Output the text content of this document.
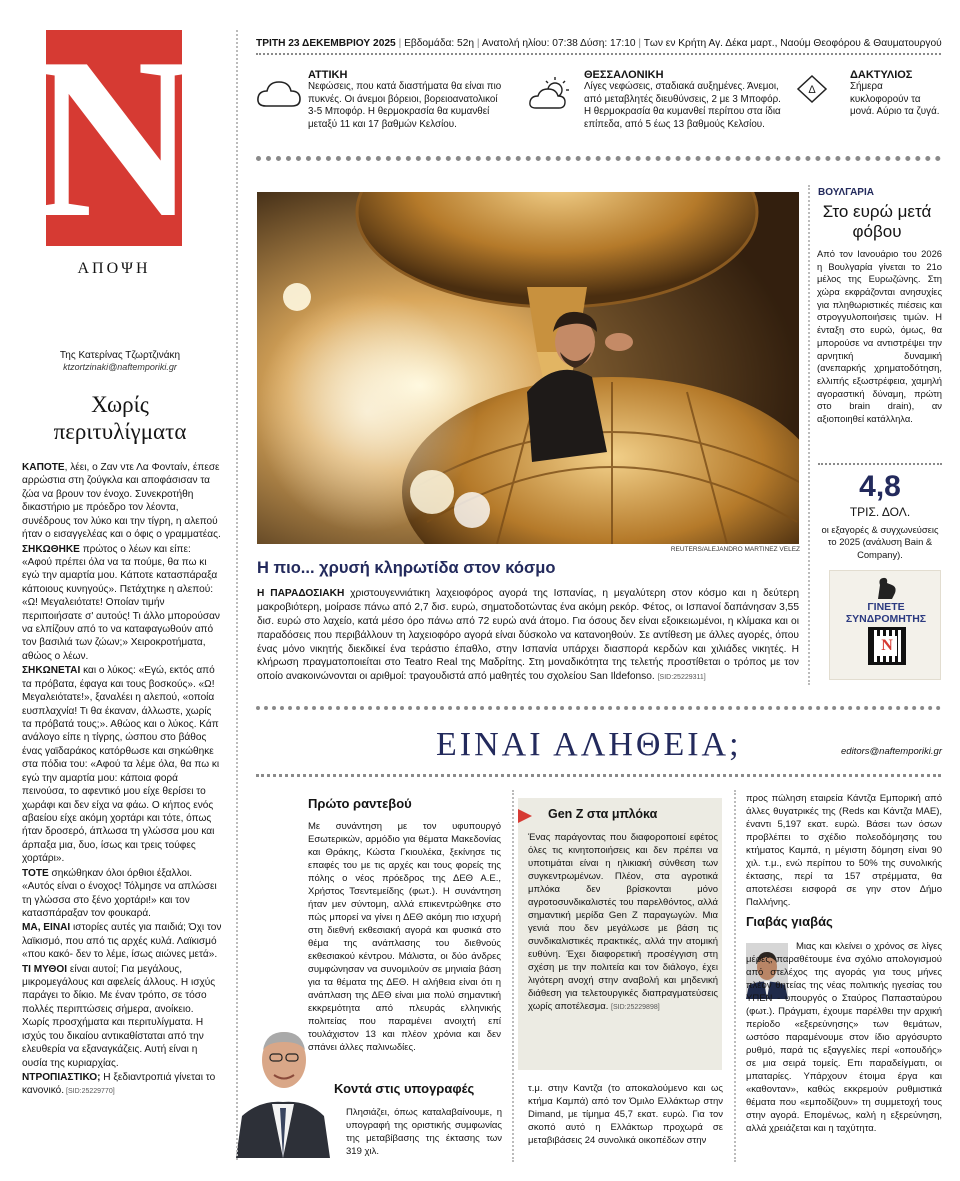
N
ΑΠΟΨΗ
Της Κατερίνας Τζωρτζινάκη
ktzortzinaki@naftemporiki.gr
Χωρίς περιτυλίγματα

ΚΑΠΟΤΕ, λέει, ο Ζαν ντε Λα Φονταίν, έπεσε αρρώστια στη ζούγκλα και αποφάσισαν τα ζώα να βρουν τον ένοχο. Συνεκροτήθη δικαστήριο με πρόεδρο τον λέοντα, συνέδρους τον λύκο και την τίγρη, η αλεπού ήταν ο εισαγγελέας και ο όφις ο γραμματέας.

ΣΗΚΩΘΗΚΕ πρώτος ο λέων και είπε: «Αφού πρέπει όλα να τα πούμε, θα πω κι εγώ την αμαρτία μου. Κάποτε κατασπάραξα κάποιους κυνηγούς». Πετάχτηκε η αλεπού: «Ω! Μεγαλειότατε! Οποίαν τιμήν περιποιήσατε σ' αυτούς! Τι άλλο μπορούσαν να ελπίζουν από το να καταφαγωθούν από τον βασιλιά των ζώων;» Χειροκροτήματα, αθώος ο λέων.

ΣΗΚΩΝΕΤΑΙ και ο λύκος: «Εγώ, εκτός από τα πρόβατα, έφαγα και τους βοσκούς». «Ω! Μεγαλειότατε!», ξαναλέει η αλεπού, «οποία ευσπλαχνία! Τι θα έκαναν, άλλωστε, χωρίς τα πρόβατά τους;». Αθώος και ο λύκος. Κάπ ανάλογο είπε η τίγρης, ώσπου στο βάθος ένας γαϊδαράκος κατόρθωσε και σηκώθηκε στα πόδια του: «Αφού τα λέμε όλα, θα πω κι εγώ την αμαρτία μου: κάποια φορά πεινούσα, το αφεντικό μου είχε θερίσει το χωράφι και δεν είχα να φάω. Ο κήπος ενός αβαείου είχε ακόμη χορτάρι και τότε, όπως ήταν δροσερό, άπλωσα τη γλώσσα μου και άρπαξα μια, δυο, ίσως και τρεις τούφες χορτάρι».

ΤΟΤΕ σηκώθηκαν όλοι όρθιοι έξαλλοι. «Αυτός είναι ο ένοχος! Τόλμησε να απλώσει τη γλώσσα στο ξένο χορτάρι!» και τον κατασπάραξαν τον φουκαρά.

ΜΑ, ΕΙΝΑΙ ιστορίες αυτές για παιδιά; Όχι τον λαϊκισμό, που από τις αρχές κυλά. Λαϊκισμό «που κακό- δεν το λέμε, ίσως αιώνες μετά».

ΤΙ ΜΥΘΟΙ είναι αυτοί; Για μεγάλους, μικρομεγάλους και αφελείς άλλους. Η ισχύς παράγει το δίκιο. Με έναν τρόπο, σε τόσο πολλές περιπτώσεις σήμερα, ανοίκειο. Χωρίς προσχήματα και περιτυλίγματα. Η ισχύς του δικαίου αντικαθίσταται από την ελευθερία να εξαναγκάζεις. Αυτή είναι η ουσία της κυριαρχίας.

ΝΤΡΟΠΙΑΣΤΙΚΟ; Η ξεδιαντροπιά γίνεται το κανονικό. [SID:25229770]

ΤΡΙΤΗ 23 ΔΕΚΕΜΒΡΙΟΥ 2025 | Εβδομάδα: 52η | Ανατολή ηλίου: 07:38 Δύση: 17:10 | Των εν Κρήτη Αγ. Δέκα μαρτ., Ναούμ Θεοφόρου & Θαυματουργού
ΑΤΤΙΚΗ
Νεφώσεις, που κατά διαστήματα θα είναι πιο πυκνές. Οι άνεμοι βόρειοι, βορειοανατολικοί 3-5 Μποφόρ. Η θερμοκρασία θα κυμανθεί μεταξύ 11 και 17 βαθμών Κελσίου.
ΘΕΣΣΑΛΟΝΙΚΗ
Λίγες νεφώσεις, σταδιακά αυξημένες. Άνεμοι, από μεταβλητές διευθύνσεις, 2 με 3 Μποφόρ. Η θερμοκρασία θα κυμανθεί περίπου στα ίδια επίπεδα, από 5 έως 13 βαθμούς Κελσίου.
Δ
ΔΑΚΤΥΛΙΟΣ
Σήμερα κυκλοφορούν τα μονά. Αύριο τα ζυγά.
REUTERS/ALEJANDRO MARTINEZ VELEZ
Η πιο... χρυσή κληρωτίδα στον κόσμο
Η ΠΑΡΑΔΟΣΙΑΚΗ χριστουγεννιάτικη λαχειοφόρος αγορά της Ισπανίας, η μεγαλύτερη στον κόσμο και η δεύτερη μακροβιότερη, μοίρασε πάνω από 2,7 δισ. ευρώ, σηματοδοτώντας ένα ακόμη ρεκόρ. Φέτος, οι Ισπανοί δαπάνησαν 3,55 δισ. ευρώ στο λαχείο, κατά μέσο όρο πάνω από 72 ευρώ ανά άτομο. Για όσους δεν είναι εξοικειωμένοι, η κλίμακα και οι παραδόσεις που περιβάλλουν τη λαχειοφόρο αγορά είναι δύσκολο να κατανοηθούν. Σε αντίθεση με άλλες αγορές, όπου ένας μόνο νικητής διεκδικεί ένα τεράστιο έπαθλο, στην Ισπανία υπάρχει διασπορά κερδών και χιλιάδες νικητές. Η κλήρωση πραγματοποιείται στο Teatro Real της Μαδρίτης. Στη μοναδικότητα της τελετής προστίθεται ο τρόπος με τον οποίο ανακοινώνονται οι αριθμοί: τραγουδιστά από μαθητές του σχολείου San Ildefonso. [SID:25229311]
ΒΟΥΛΓΑΡΙΑ
Στο ευρώ μετά φόβου
Από τον Ιανουάριο του 2026 η Βουλγαρία γίνεται το 21ο μέλος της Ευρωζώνης. Στη χώρα εκφράζονται ανησυχίες για πληθωριστικές πιέσεις και στρογγυλοποιήσεις τιμών. Η ένταξη στο ευρώ, όμως, θα μπορούσε να αντιστρέψει την αρνητική δυναμική (ανεπαρκής χρηματοδότηση, ελλιπής εξωστρέφεια, χαμηλή αγοραστική δύναμη, πρώτη στο brain drain), αν αξιοποιηθεί κατάλληλα.
4,8
ΤΡΙΣ. ΔΟΛ.
οι εξαγορές & συγχωνεύσεις το 2025 (ανάλυση Bain & Company).
ΓΙΝΕΤΕ ΣΥΝΔΡΟΜΗΤΗΣ
N
ΕΙΝΑΙ ΑΛΗΘΕΙΑ;	editors@naftemporiki.gr
Πρώτο ραντεβού
Με συνάντηση με τον υφυπουργό Εσωτερικών, αρμόδιο για θέματα Μακεδονίας και Θράκης, Κώστα Γκιουλέκα, ξεκίνησε τις επαφές του με τις αρχές και τους φορείς της πόλης ο νέος πρόεδρος της ΔΕΘ Α.Ε., Χρήστος Τσεντεμείδης (φωτ.). Η συνάντηση ήταν μεν σύντομη, αλλά επικεντρώθηκε στο πώς μπορεί να γίνει η ΔΕΘ ακόμη πιο ισχυρή στη διεθνή εκθεσιακή αγορά και φυσικά στο θέμα της ανάπλασης του διεθνούς εκθεσιακού κέντρου. Μάλιστα, οι δύο άνδρες συμφώνησαν να συνομιλούν σε μηνιαία βάση για τα θέματα της ΔΕΘ. Η αλήθεια είναι ότι η ανάπλαση της ΔΕΘ είναι μια πολύ σημαντική εκκρεμότητα από πλευράς ελληνικής πολιτείας που παραμένει ανοιχτή επί τουλάχιστον 13 και πλέον χρόνια και δεν σπάνει άλλες παλινωδίες.
Κοντά στις υπογραφές
Πλησιάζει, όπως καταλαβαίνουμε, η υπογραφή της οριστικής συμφωνίας της μεταβίβασης της έκτασης των 319 χιλ.
Gen Z στα μπλόκα
Ένας παράγοντας που διαφοροποιεί εφέτος όλες τις κινητοποιήσεις και δεν πρέπει να υποτιμάται είναι η ηλικιακή σύνθεση των συγκεντρωμένων. Πλέον, στα αγροτικά μπλόκα δεν βρίσκονται μόνο αγροτοσυνδικαλιστές του παρελθόντος, αλλά σημαντική μερίδα Gen Z παραγωγών. Μια γενιά που δεν μεγάλωσε με βάση τις συνδικαλιστικές πρακτικές, αλλά την ατομική ευθύνη. Έχει διαφορετική προσέγγιση στη σχέση με την πολιτεία και τον διάλογο, έχει λιγότερη ανοχή στην αναβολή και μηδενική διάθεση για τελετουργικές διαπραγματεύσεις χωρίς αποτέλεσμα. [SID:25229898]
τ.μ. στην Καντζα (το αποκαλούμενο και ως κτήμα Καμπά) από τον Όμιλο Ελλάκτωρ στην Dimand, με τίμημα 45,7 εκατ. ευρώ. Για τον σκοπό αυτό η Ελλάκτωρ προχωρά σε μεταβιβάσεις 24 συνολικά οικοπέδων στην
προς πώληση εταιρεία Κάντζα Εμπορική από άλλες θυγατρικές της (Reds και Κάντζα ΜΑΕ), έναντι 5,197 εκατ. ευρώ. Βάσει των όσων προβλέπει το σχέδιο πολεοδόμησης του κτήματος Καμπά, η μέγιστη δόμηση είναι 90 χιλ. τ.μ., ενώ περίπου το 50% της συνολικής έκτασης, περί τα 157 στρέμματα, θα αποτελέσει εισφορά σε γην στον Δήμο Παλλήνης.
Γιαβάς γιαβάς
Μιας και κλείνει ο χρόνος σε λίγες μέρες, παραθέτουμε ένα σχόλιο απολογισμού από στελέχος της αγοράς για τους μήνες πλέον θητείας της νέας πολιτικής ηγεσίας του ΥΠΕΝ - υπουργός ο Σταύρος Παπασταύρου (φωτ.). Πράγματι, έχουμε παρέλθει την αρχική περίοδο «εξερεύνησης» των θεμάτων, ωστόσο παραμένουμε στον ίδιο αργόσυρτο ρυθμό, παρά τις εξαγγελίες περί «οπουδής» σε μια σειρά τομείς. Επι παραδείγματι, οι μπαταρίες. Υπάρχουν έτοιμα έργα και «καθονταν», καθώς εκκρεμούν ρυθμιστικά θέματα που «εμποδίζουν» τη συμμετοχή τους στην αγορά. Επομένως, καλή η εξερεύνηση, αλλά χρειάζεται και η ταχύτητα.
